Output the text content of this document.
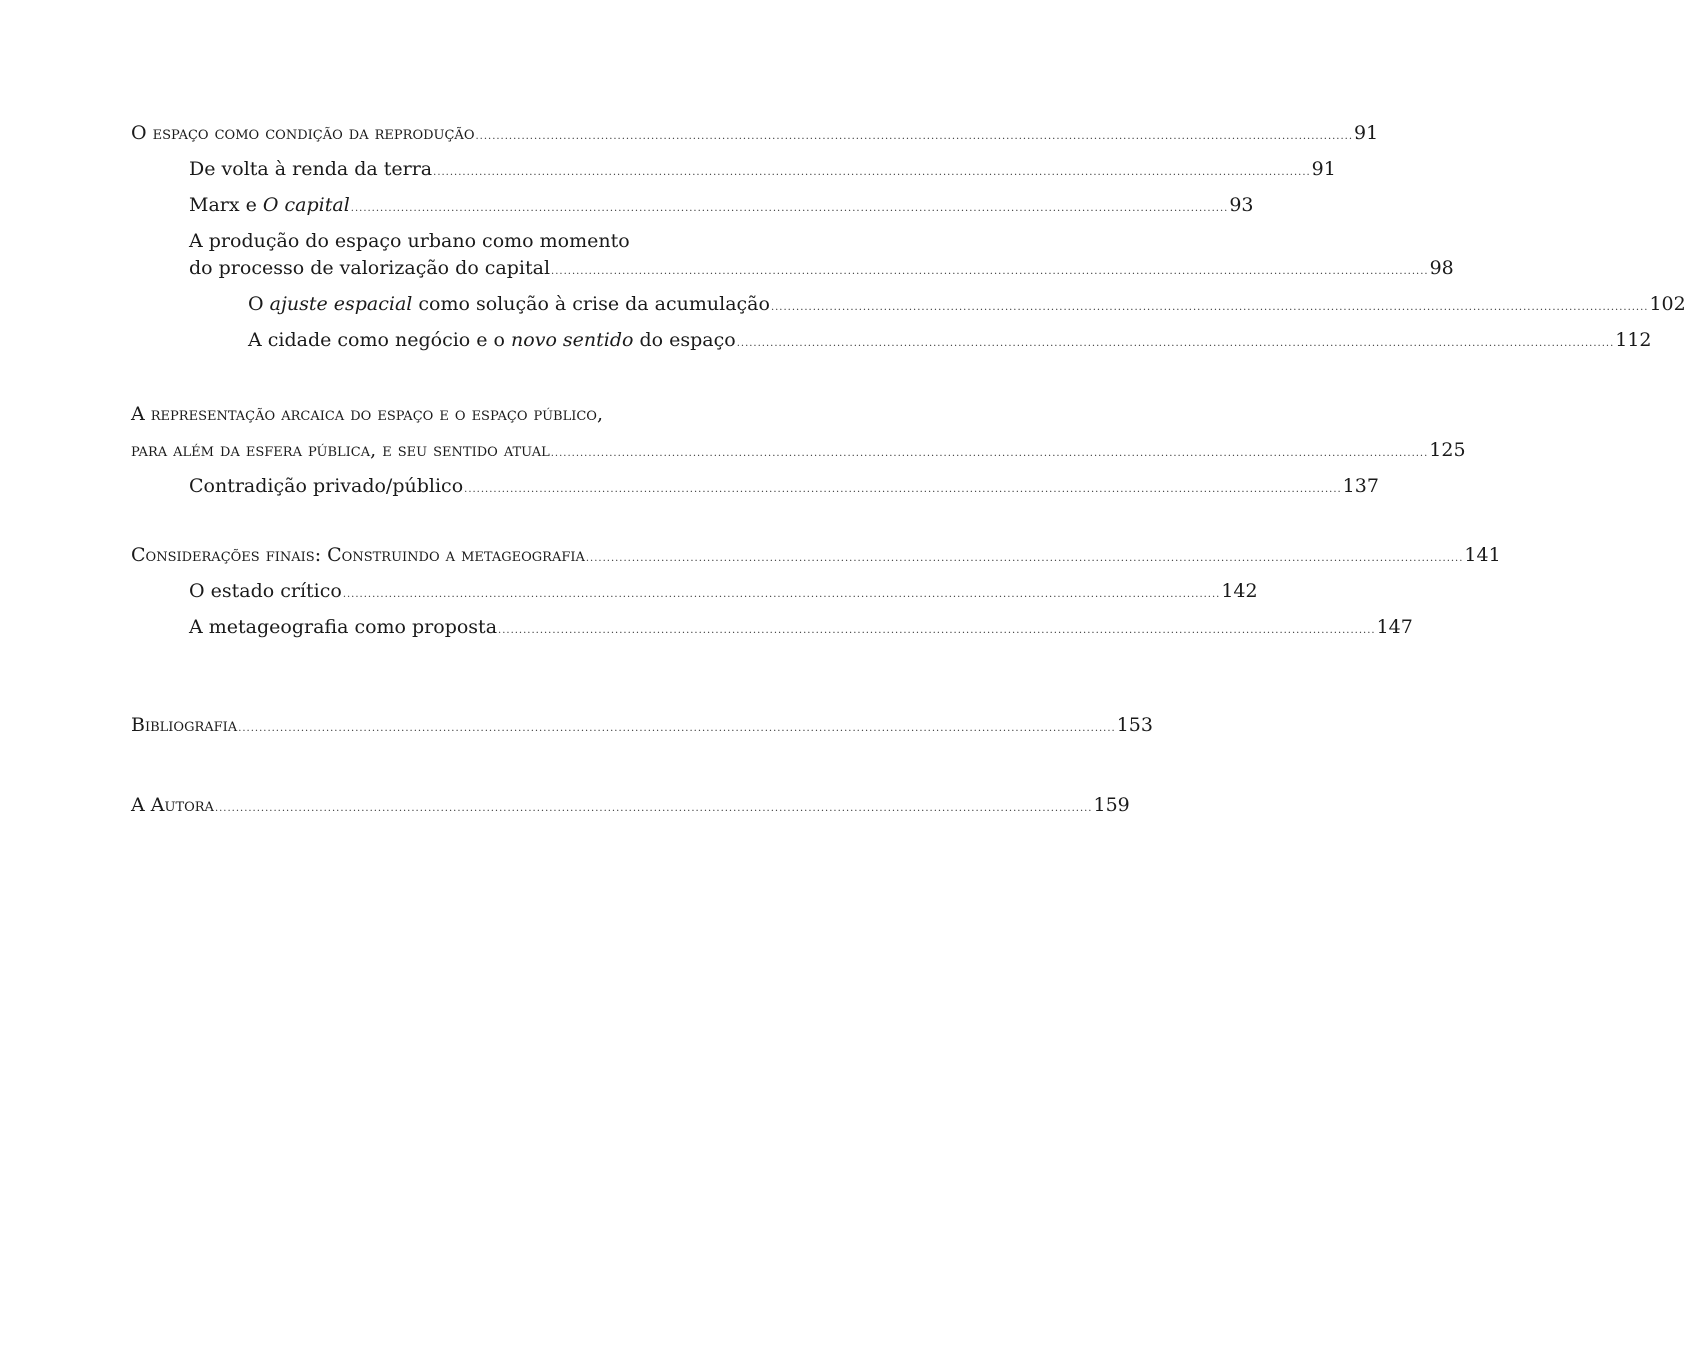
O espaço como condição da reprodução .................................................................................................................................................................................................................. 91
De volta à renda da terra .................................................................................................................................................................................................................. 91
Marx e O capital .................................................................................................................................................................................................................. 93
A produção do espaço urbano como momento
do processo de valorização do capital .................................................................................................................................................................................................................. 98
O ajuste espacial como solução à crise da acumulação .................................................................................................................................................................................................................. 102
A cidade como negócio e o novo sentido do espaço .................................................................................................................................................................................................................. 112
A representação arcaica do espaço e o espaço público,
para além da esfera pública, e seu sentido atual .................................................................................................................................................................................................................. 125
Contradição privado/público .................................................................................................................................................................................................................. 137
Considerações finais: Construindo a metageografia .................................................................................................................................................................................................................. 141
O estado crítico .................................................................................................................................................................................................................. 142
A metageografia como proposta .................................................................................................................................................................................................................. 147
Bibliografia .................................................................................................................................................................................................................. 153
A Autora .................................................................................................................................................................................................................. 159
